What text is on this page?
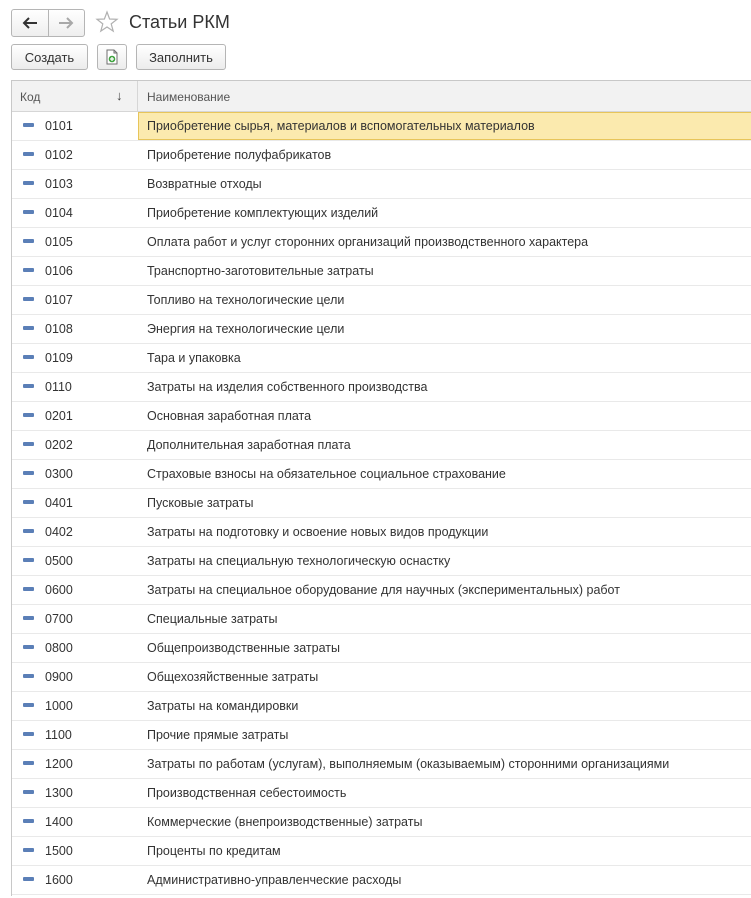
Статьи РКМ
Создать	Заполнить
Код	↓ Наименование
0101	Приобретение сырья, материалов и вспомогательных материалов
0102	Приобретение полуфабрикатов
0103	Возвратные отходы
0104	Приобретение комплектующих изделий
0105	Оплата работ и услуг сторонних организаций производственного характера
0106	Транспортно-заготовительные затраты
0107	Топливо на технологические цели
0108	Энергия на технологические цели
0109	Тара и упаковка
0110	Затраты на изделия собственного производства
0201	Основная заработная плата
0202	Дополнительная заработная плата
0300	Страховые взносы на обязательное социальное страхование
0401	Пусковые затраты
0402	Затраты на подготовку и освоение новых видов продукции
0500	Затраты на специальную технологическую оснастку
0600	Затраты на специальное оборудование для научных (экспериментальных) работ
0700	Специальные затраты
0800	Общепроизводственные затраты
0900	Общехозяйственные затраты
1000	Затраты на командировки
1100	Прочие прямые затраты
1200	Затраты по работам (услугам), выполняемым (оказываемым) сторонними организациями
1300	Производственная себестоимость
1400	Коммерческие (внепроизводственные) затраты
1500	Проценты по кредитам
1600	Административно-управленческие расходы
